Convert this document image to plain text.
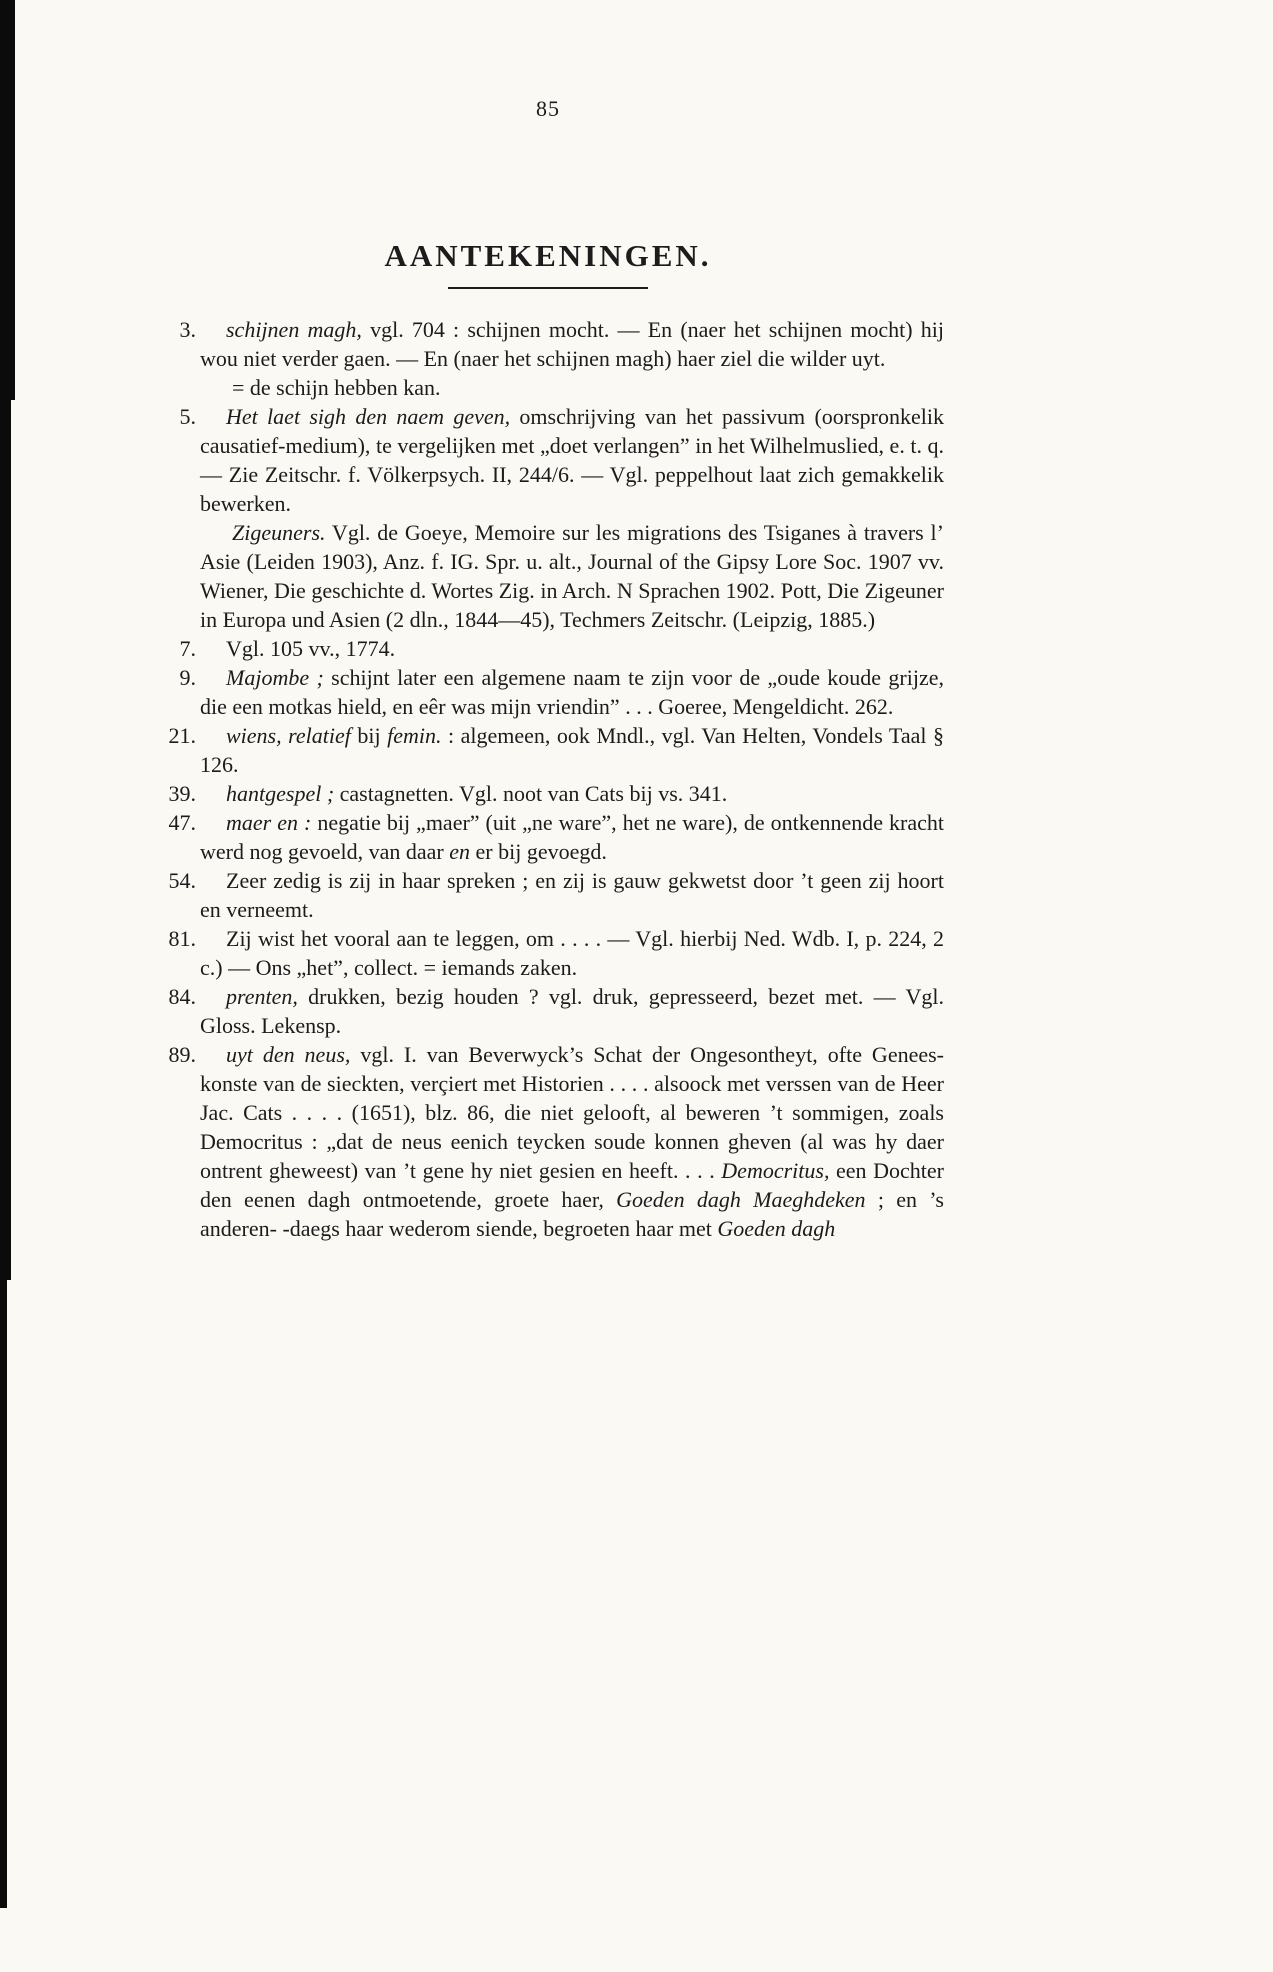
85
AANTEKENINGEN.

3. schijnen magh, vgl. 704 : schijnen mocht. — En (naer het schijnen mocht) hij wou niet verder gaen. — En (naer het schijnen magh) haer ziel die wilder uyt.

= de schijn hebben kan.

5. Het laet sigh den naem geven, omschrijving van het passivum (oorspronkelik causatief-medium), te vergelijken met „doet verlangen” in het Wilhelmuslied, e. t. q. — Zie Zeitschr. f. Völkerpsych. II, 244/6. — Vgl. peppelhout laat zich gemakkelik bewerken.

Zigeuners. Vgl. de Goeye, Memoire sur les migrations des Tsiganes à travers l’ Asie (Leiden 1903), Anz. f. IG. Spr. u. alt., Journal of the Gipsy Lore Soc. 1907 vv. Wiener, Die geschichte d. Wortes Zig. in Arch. N Sprachen 1902. Pott, Die Zigeuner in Europa und Asien (2 dln., 1844—45), Techmers Zeitschr. (Leipzig, 1885.)

7. Vgl. 105 vv., 1774.

9. Majombe ; schijnt later een algemene naam te zijn voor de „oude koude grijze, die een motkas hield, en eêr was mijn vriendin” . . . Goeree, Mengeldicht. 262.

21. wiens, relatief bij femin. : algemeen, ook Mndl., vgl. Van Helten, Vondels Taal § 126.

39. hantgespel ; castagnetten. Vgl. noot van Cats bij vs. 341.

47. maer en : negatie bij „maer” (uit „ne ware”, het ne ware), de ontkennende kracht werd nog gevoeld, van daar en er bij gevoegd.

54. Zeer zedig is zij in haar spreken ; en zij is gauw gekwetst door ’t geen zij hoort en verneemt.

81. Zij wist het vooral aan te leggen, om . . . . — Vgl. hierbij Ned. Wdb. I, p. 224, 2 c.) — Ons „het”, collect. = iemands zaken.

84. prenten, drukken, bezig houden ? vgl. druk, gepresseerd, bezet met. — Vgl. Gloss. Lekensp.

89. uyt den neus, vgl. I. van Beverwyck’s Schat der Ongesontheyt, ofte Genees-konste van de sieckten, verçiert met Historien . . . . alsoock met verssen van de Heer Jac. Cats . . . . (1651), blz. 86, die niet gelooft, al beweren ’t sommigen, zoals Democritus : „dat de neus eenich teycken soude konnen gheven (al was hy daer ontrent gheweest) van ’t gene hy niet gesien en heeft. . . . Democritus, een Dochter den eenen dagh ontmoetende, groete haer, Goeden dagh Maeghdeken ; en ’s anderen- -daegs haar wederom siende, begroeten haar met Goeden dagh
